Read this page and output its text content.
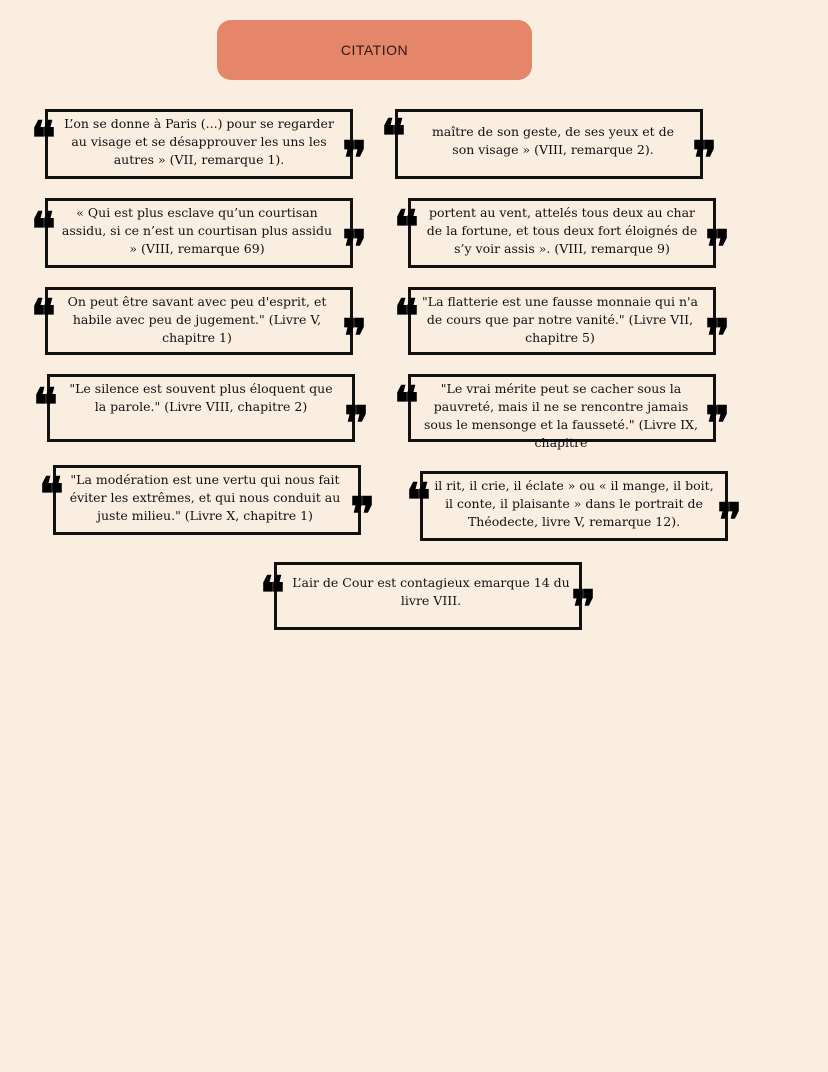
CITATION
❝ L’on se donne à Paris (...) pour se regarder au visage et se désapprouver les uns les autres » (VII, remarque 1).	❞ ❝	maître de son geste, de ses yeux et de son visage » (VIII, remarque 2). ❞
❝	« Qui est plus esclave qu’un courtisan assidu, si ce n’est un courtisan plus assidu » (VIII, remarque 69)	❞ ❝ portent au vent, attelés tous deux au char de la fortune, et tous deux fort éloignés de s’y voir assis ». (VIII, remarque 9) ❞
❝ On peut être savant avec peu d'esprit, et habile avec peu de jugement." (Livre V, chapitre 1)	❞ ❝ "La flatterie est une fausse monnaie qui n'a de cours que par notre vanité." (Livre VII, chapitre 5)	❞
❝ "Le silence est souvent plus éloquent que la parole." (Livre VIII, chapitre 2) ❞ ❝	"Le vrai mérite peut se cacher sous la pauvreté, mais il ne se rencontre jamais sous le mensonge et la fausseté." (Livre IX, chapitre	❞
❝ "La modération est une vertu qui nous fait éviter les extrêmes, et qui nous conduit au juste milieu." (Livre X, chapitre 1) ❞ ❝ il rit, il crie, il éclate » ou « il mange, il boit, il conte, il plaisante » dans le portrait de Théodecte, livre V, remarque 12). ❞
❝ L’air de Cour est contagieux emarque 14 du livre VIII.	❞
